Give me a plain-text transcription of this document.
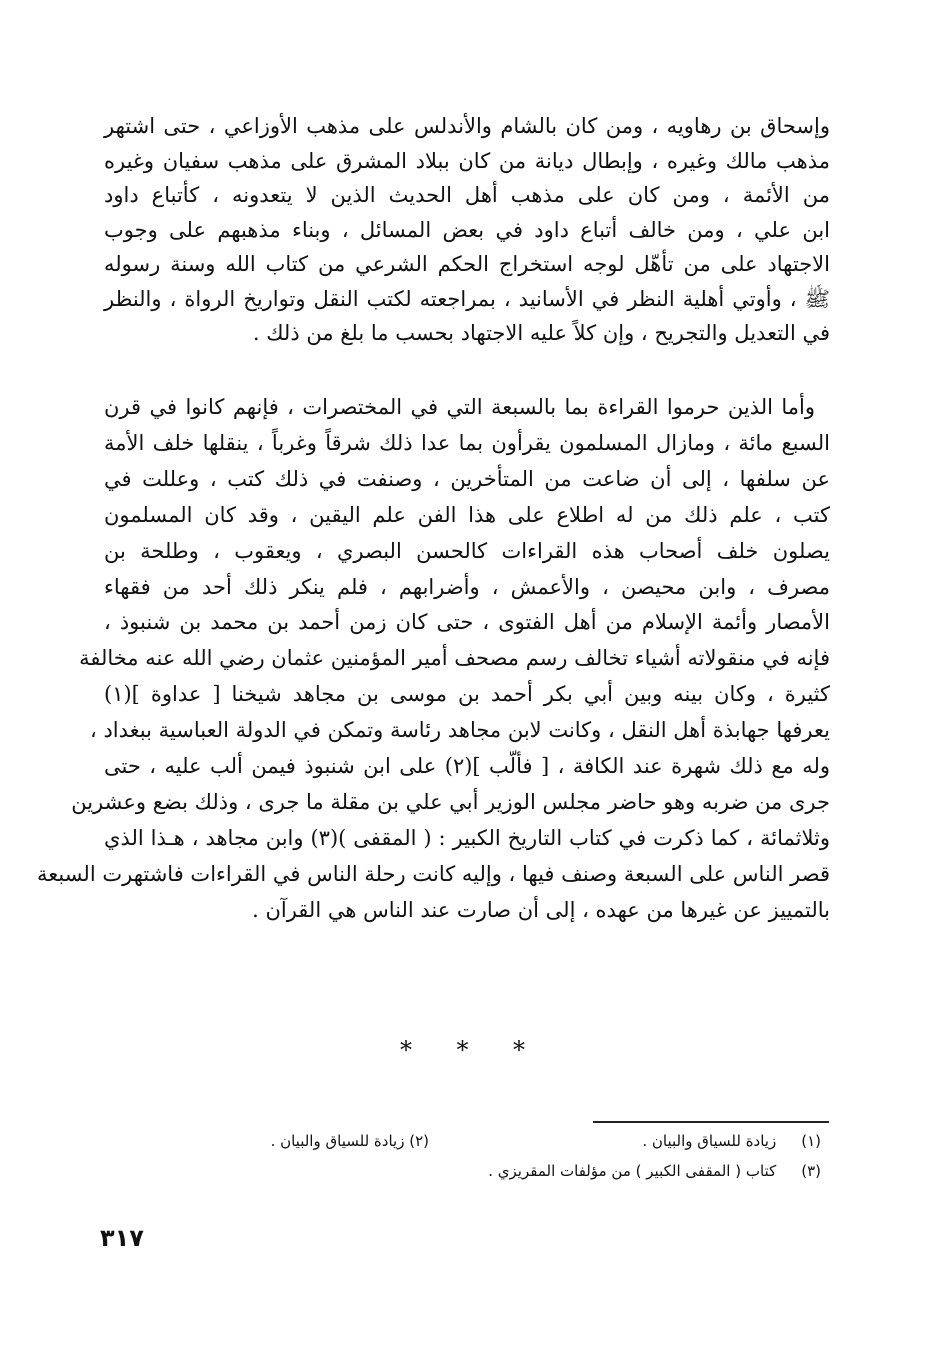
وإسحاق بن رهاويه ، ومن كان بالشام والأندلس على مذهب الأوزاعي ، حتى اشتهر
مذهب مالك وغيره ، وإبطال ديانة من كان ببلاد المشرق على مذهب سفيان وغيره
من الأئمة ، ومن كان على مذهب أهل الحديث الذين لا يتعدونه ، كأتباع داود
ابن علي ، ومن خالف أتباع داود في بعض المسائل ، وبناء مذهبهم على وجوب
الاجتهاد على من تأهّل لوجه استخراج الحكم الشرعي من كتاب الله وسنة رسوله
ﷺ ، وأوتي أهلية النظر في الأسانيد ، بمراجعته لكتب النقل وتواريخ الرواة ، والنظر
في التعديل والتجريح ، وإن كلاً عليه الاجتهاد بحسب ما بلغ من ذلك .
وأما الذين حرموا القراءة بما بالسبعة التي في المختصرات ، فإنهم كانوا في قرن
السبع مائة ، ومازال المسلمون يقرأون بما عدا ذلك شرقاً وغرباً ، ينقلها خلف الأمة
عن سلفها ، إلى أن ضاعت من المتأخرين ، وصنفت في ذلك كتب ، وعللت في
كتب ، علم ذلك من له اطلاع على هذا الفن علم اليقين ، وقد كان المسلمون
يصلون خلف أصحاب هذه القراءات كالحسن البصري ، ويعقوب ، وطلحة بن
مصرف ، وابن محيصن ، والأعمش ، وأضرابهم ، فلم ينكر ذلك أحد من فقهاء
الأمصار وأئمة الإسلام من أهل الفتوى ، حتى كان زمن أحمد بن محمد بن شنبوذ ،
فإنه في منقولاته أشياء تخالف رسم مصحف أمير المؤمنين عثمان رضي الله عنه مخالفة
كثيرة ، وكان بينه وبين أبي بكر أحمد بن موسى بن مجاهد شيخنا [ عداوة ](١)
يعرفها جهابذة أهل النقل ، وكانت لابن مجاهد رئاسة وتمكن في الدولة العباسية ببغداد ،
وله مع ذلك شهرة عند الكافة ، [ فألّب ](٢) على ابن شنبوذ فيمن ألب عليه ، حتى
جرى من ضربه وهو حاضر مجلس الوزير أبي علي بن مقلة ما جرى ، وذلك بضع وعشرين
وثلاثمائة ، كما ذكرت في كتاب التاريخ الكبير : ( المقفى )(٣) وابن مجاهد ، هـذا الذي
قصر الناس على السبعة وصنف فيها ، وإليه كانت رحلة الناس في القراءات فاشتهرت السبعة
بالتمييز عن غيرها من عهده ، إلى أن صارت عند الناس هي القرآن .
*
*
*
(١) زيادة للسياق والبيان .
(٢) زيادة للسياق والبيان .
(٣) كتاب ( المقفى الكبير ) من مؤلفات المقريزي .
٣١٧
